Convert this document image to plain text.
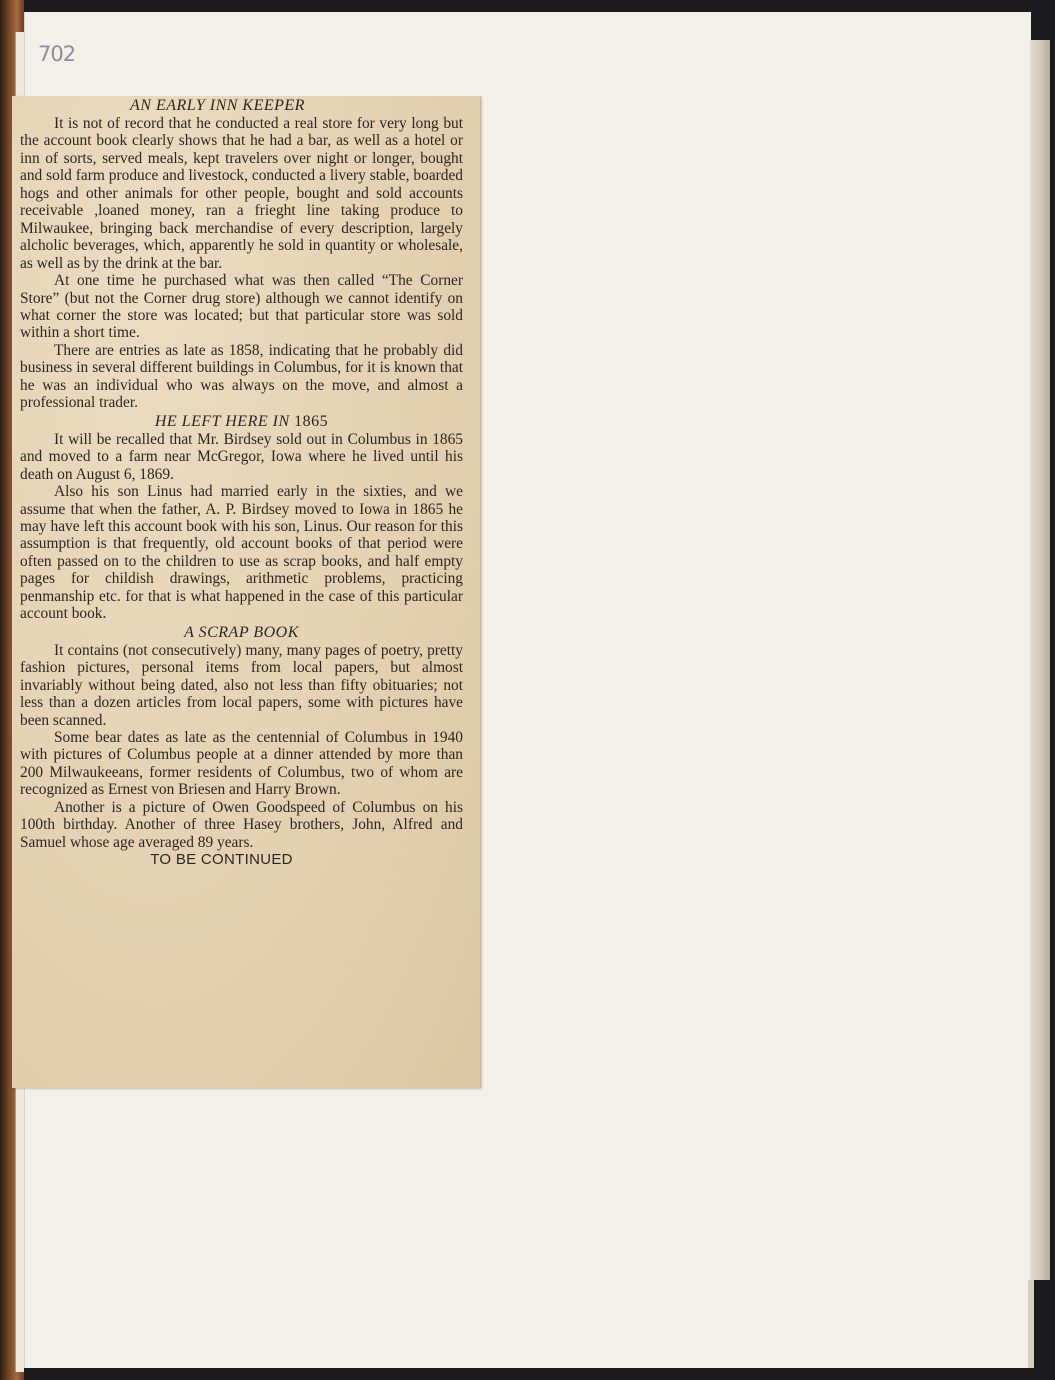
702

AN EARLY INN KEEPER

It is not of record that he conducted a real store for very long but the account book clearly shows that he had a bar, as well as a hotel or inn of sorts, served meals, kept travelers over night or longer, bought and sold farm produce and livestock, conducted a livery stable, boarded hogs and other animals for other people, bought and sold accounts receivable ,loaned money, ran a frieght line taking produce to Milwaukee, bringing back merchandise of every description, largely alcholic beverages, which, apparently he sold in quantity or wholesale, as well as by the drink at the bar.

At one time he purchased what was then called “The Corner Store” (but not the Corner drug store) although we cannot identify on what corner the store was located; but that particular store was sold within a short time.

There are entries as late as 1858, indicating that he probably did business in several different buildings in Columbus, for it is known that he was an individual who was always on the move, and almost a professional trader.

HE LEFT HERE IN 1865

It will be recalled that Mr. Birdsey sold out in Columbus in 1865 and moved to a farm near McGregor, Iowa where he lived until his death on August 6, 1869.

Also his son Linus had married early in the sixties, and we assume that when the father, A. P. Birdsey moved to Iowa in 1865 he may have left this account book with his son, Linus. Our reason for this assumption is that frequently, old account books of that period were often passed on to the children to use as scrap books, and half empty pages for childish drawings, arithmetic problems, practicing penmanship etc. for that is what happened in the case of this particular account book.

A SCRAP BOOK

It contains (not consecutively) many, many pages of poetry, pretty fashion pictures, personal items from local papers, but almost invariably without being dated, also not less than fifty obituaries; not less than a dozen articles from local papers, some with pictures have been scanned.

Some bear dates as late as the centennial of Columbus in 1940 with pictures of Columbus people at a dinner attended by more than 200 Milwaukeeans, former residents of Columbus, two of whom are recognized as Ernest von Briesen and Harry Brown.

Another is a picture of Owen Goodspeed of Columbus on his 100th birthday. Another of three Hasey brothers, John, Alfred and Samuel whose age averaged 89 years.

TO BE CONTINUED
